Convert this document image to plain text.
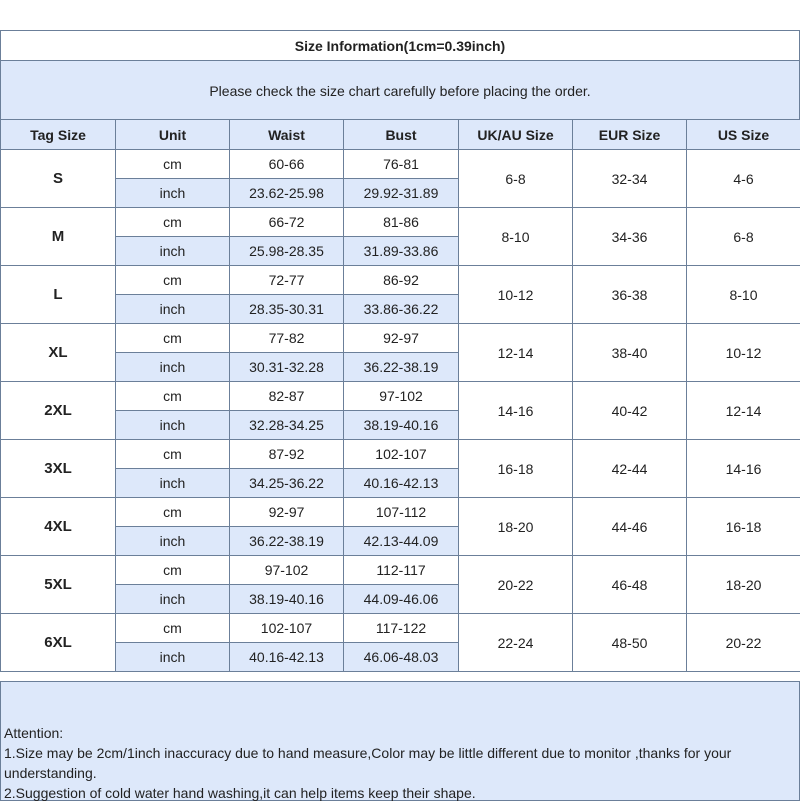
Size Information(1cm=0.39inch)
Please check the size chart carefully before placing the order.
Tag Size	Unit	Waist	Bust	UK/AU Size	EUR Size	US Size
S	cm	60-66	76-81	6-8	32-34	4-6
	inch	23.62-25.98	29.92-31.89			
M	cm	66-72	81-86	8-10	34-36	6-8
	inch	25.98-28.35	31.89-33.86			
L	cm	72-77	86-92	10-12	36-38	8-10
	inch	28.35-30.31	33.86-36.22			
XL	cm	77-82	92-97	12-14	38-40	10-12
	inch	30.31-32.28	36.22-38.19			
2XL	cm	82-87	97-102	14-16	40-42	12-14
	inch	32.28-34.25	38.19-40.16			
3XL	cm	87-92	102-107	16-18	42-44	14-16
	inch	34.25-36.22	40.16-42.13			
4XL	cm	92-97	107-112	18-20	44-46	16-18
	inch	36.22-38.19	42.13-44.09			
5XL	cm	97-102	112-117	20-22	46-48	18-20
	inch	38.19-40.16	44.09-46.06			
6XL	cm	102-107	117-122	22-24	48-50	20-22
	inch	40.16-42.13	46.06-48.03			
Attention:
1.Size may be 2cm/1inch inaccuracy due to hand measure,Color may be little different due to monitor ,thanks for your understanding.
2.Suggestion of cold water hand washing,it can help items keep their shape.
